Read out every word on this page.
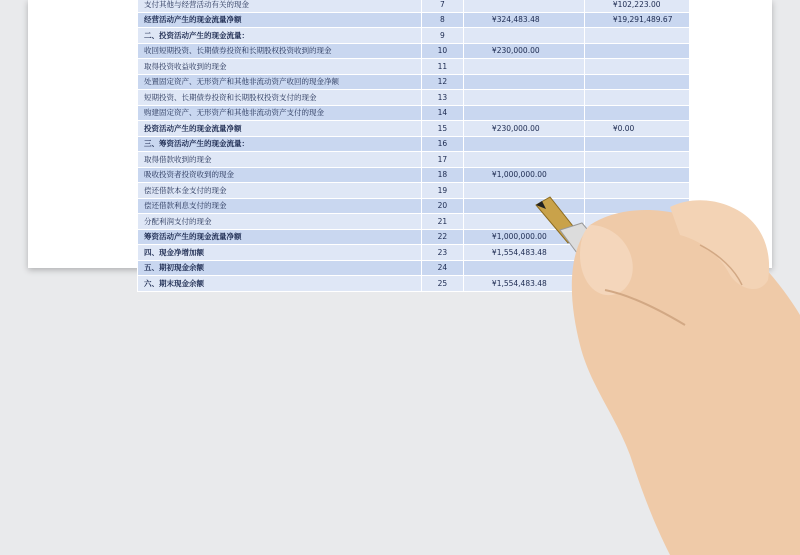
支付其他与经营活动有关的现金	7		¥102,223.00
经营活动产生的现金流量净额	8	¥324,483.48	¥19,291,489.67
二、投资活动产生的现金流量：	9		
收回短期投资、长期债券投资和长期股权投资收到的现金	10	¥230,000.00	
取得投资收益收到的现金	11		
处置固定资产、无形资产和其他非流动资产收回的现金净额	12		
短期投资、长期债券投资和长期股权投资支付的现金	13		
购建固定资产、无形资产和其他非流动资产支付的现金	14		
投资活动产生的现金流量净额	15	¥230,000.00	¥0.00
三、筹资活动产生的现金流量：	16		
取得借款收到的现金	17		
吸收投资者投资收到的现金	18	¥1,000,000.00	
偿还借款本金支付的现金	19		
偿还借款利息支付的现金	20		
分配利润支付的现金	21		
筹资活动产生的现金流量净额	22	¥1,000,000.00	
四、现金净增加额	23	¥1,554,483.48	
五、期初现金余额	24		
六、期末现金余额	25	¥1,554,483.48	
